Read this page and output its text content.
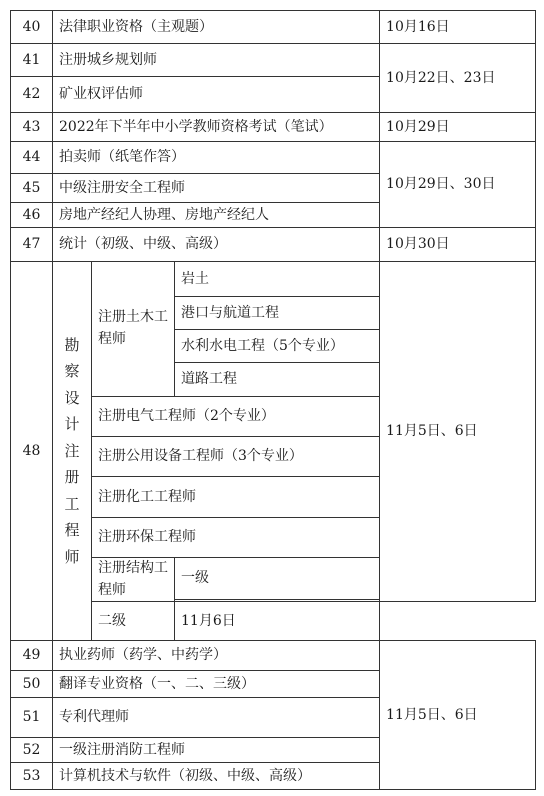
40	法律职业资格（主观题）			10月16日
41	注册城乡规划师			10月22日、23日
42	矿业权评估师			
43	2022年下半年中小学教师资格考试（笔试）			10月29日
44	拍卖师（纸笔作答）			10月29日、30日
45	中级注册安全工程师			
46	房地产经纪人协理、房地产经纪人			
47	统计（初级、中级、高级）			10月30日
48	勘察设计注册工程师	注册土木工程师	岩土	11月5日、6日
			港口与航道工程	
			水利水电工程（5个专业）	
			道路工程	
		注册电气工程师（2个专业）		
		注册公用设备工程师（3个专业）		
		注册化工工程师		
		注册环保工程师		
		注册结构工程师	一级	

		二级	11月6日	
49	执业药师（药学、中药学）			11月5日、6日
50	翻译专业资格（一、二、三级）			
51	专利代理师			
52	一级注册消防工程师			
53	计算机技术与软件（初级、中级、高级）			
